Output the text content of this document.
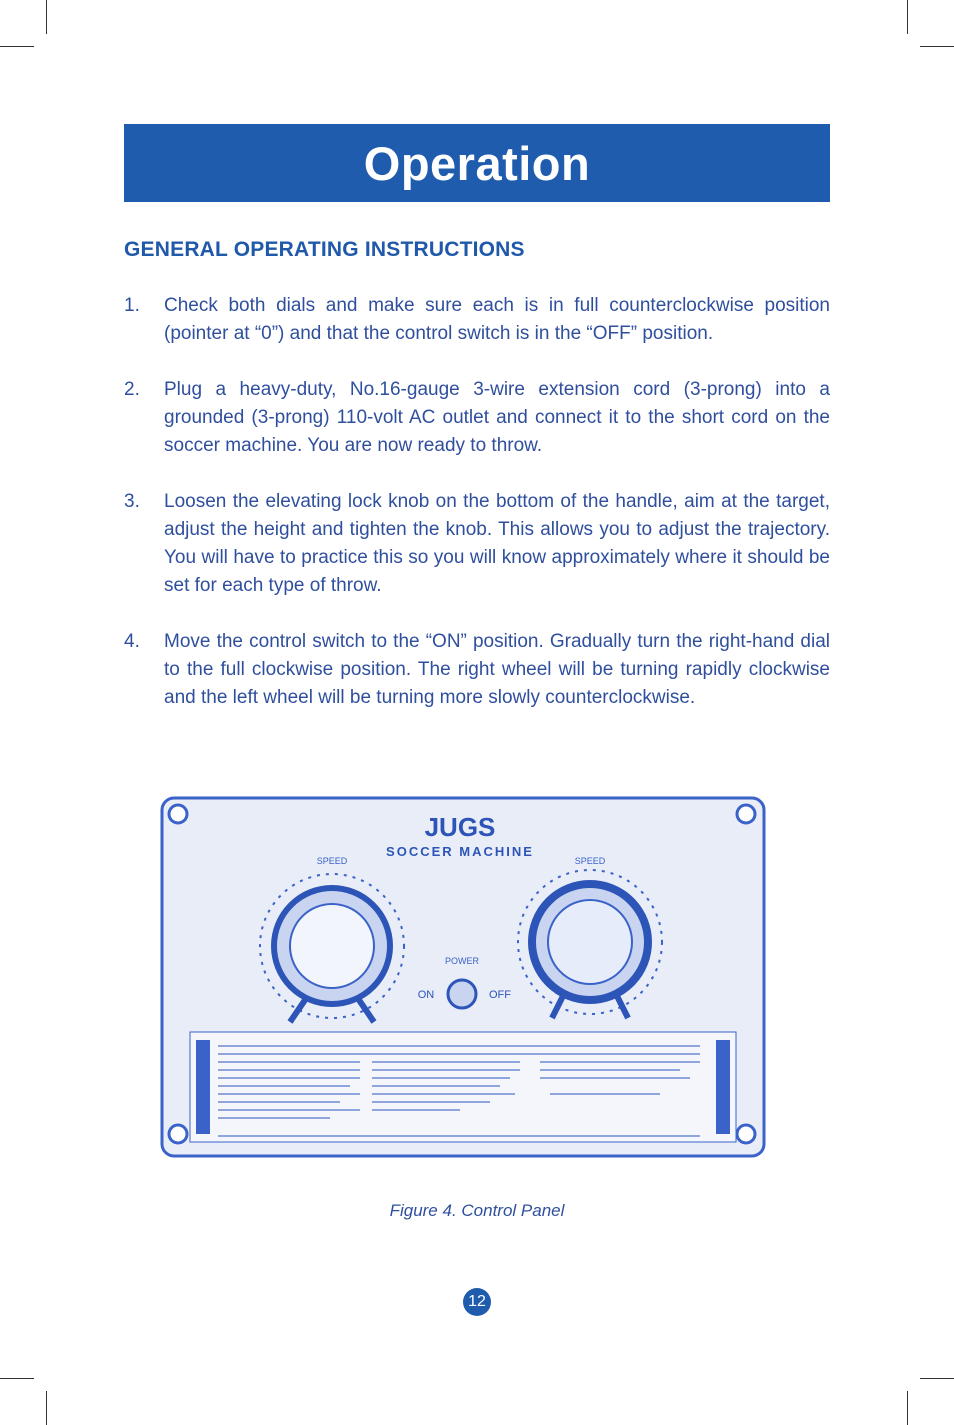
Operation
GENERAL OPERATING INSTRUCTIONS
1.	Check both dials and make sure each is in full counterclockwise position (pointer at “0”) and that the control switch is in the “OFF” position.
2.	Plug a heavy-duty, No.16-gauge 3-wire extension cord (3-prong) into a grounded (3-prong) 110-volt AC outlet and connect it to the short cord on the soccer machine. You are now ready to throw.
3.	Loosen the elevating lock knob on the bottom of the handle, aim at the target, adjust the height and tighten the knob. This allows you to adjust the trajectory. You will have to practice this so you will know approximately where it should be set for each type of throw.
4.	Move the control switch to the “ON” position. Gradually turn the right-hand dial to the full clockwise position. The right wheel will be turning rapidly clockwise and the left wheel will be turning more slowly counterclockwise.
JUGS
SOCCER MACHINE
SPEED	SPEED
POWER
ON	OFF
Figure 4. Control Panel
12
